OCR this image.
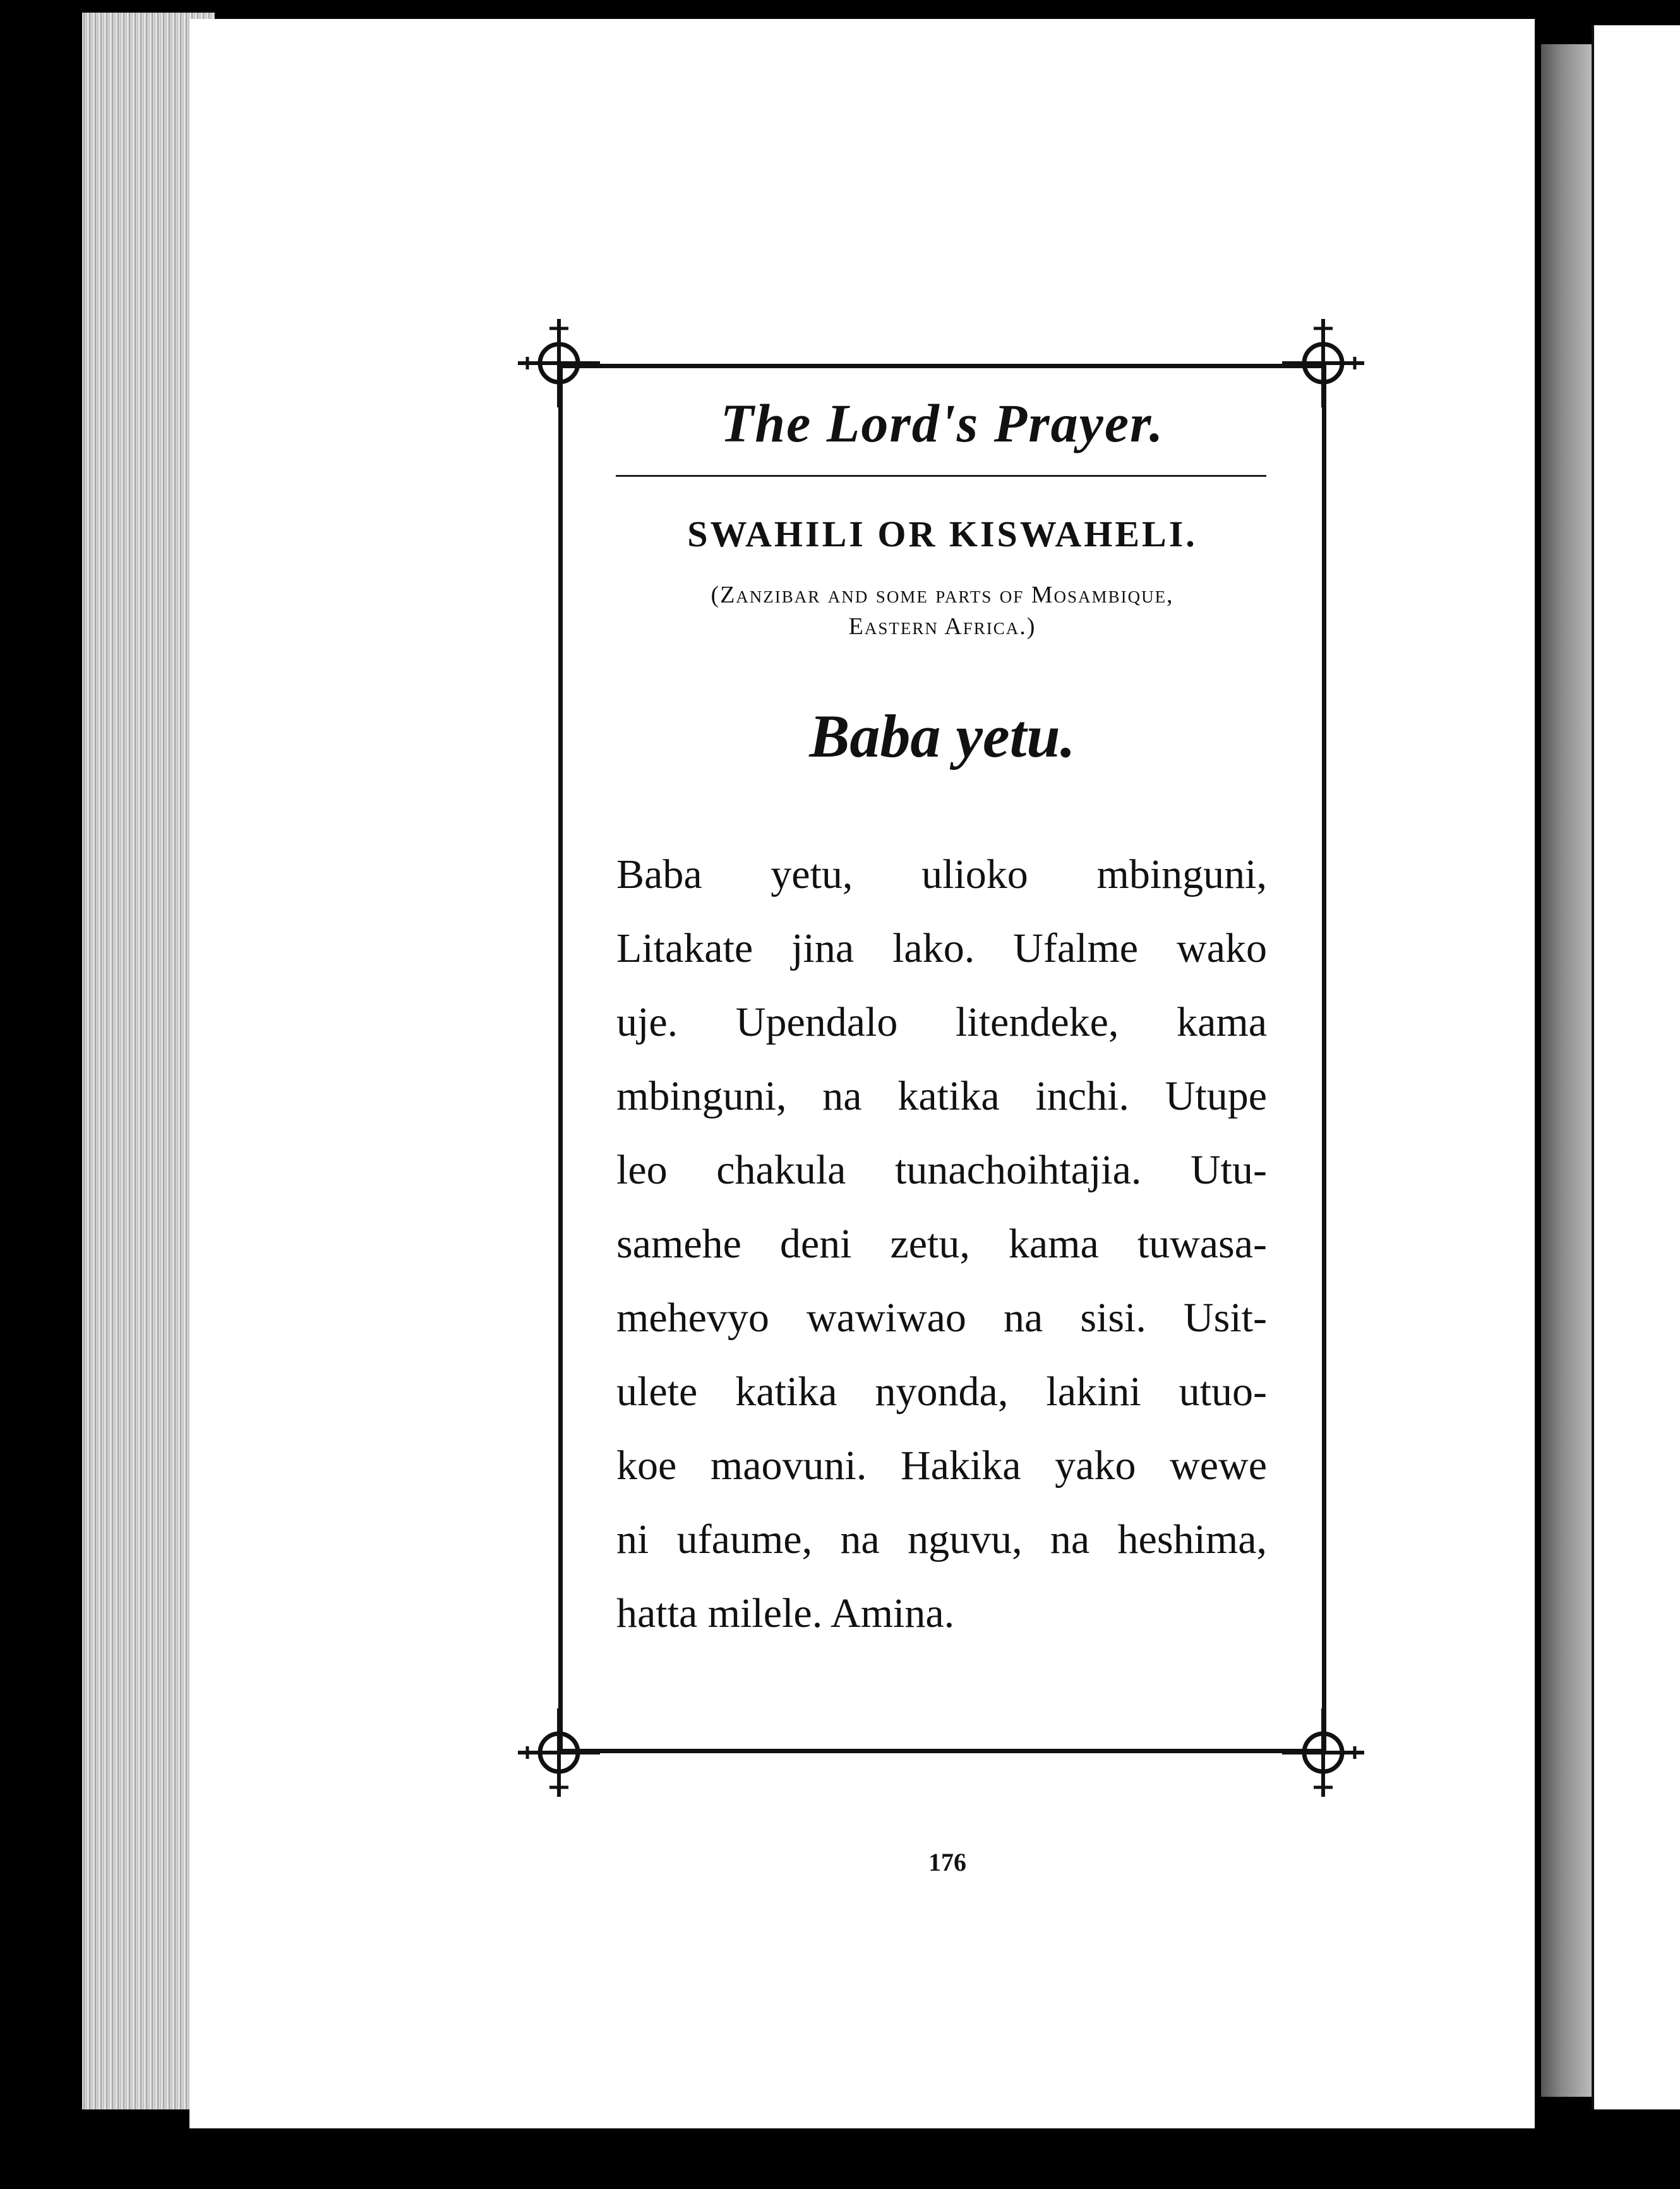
The Lord's Prayer.
SWAHILI OR KISWAHELI.
(Zanzibar and some parts of Mosambique,
Eastern Africa.)
Baba yetu.
Baba yetu, ulioko mbinguni,
Litakate jina lako. Ufalme wako
uje. Upendalo litendeke, kama
mbinguni, na katika inchi. Utupe
leo chakula tunachoihtajia. Utu-
samehe deni zetu, kama tuwasa-
mehevyo wawiwao na sisi. Usit-
ulete katika nyonda, lakini utuo-
koe maovuni. Hakika yako wewe
ni ufaume, na nguvu, na heshima,
hatta milele. Amina.
176
